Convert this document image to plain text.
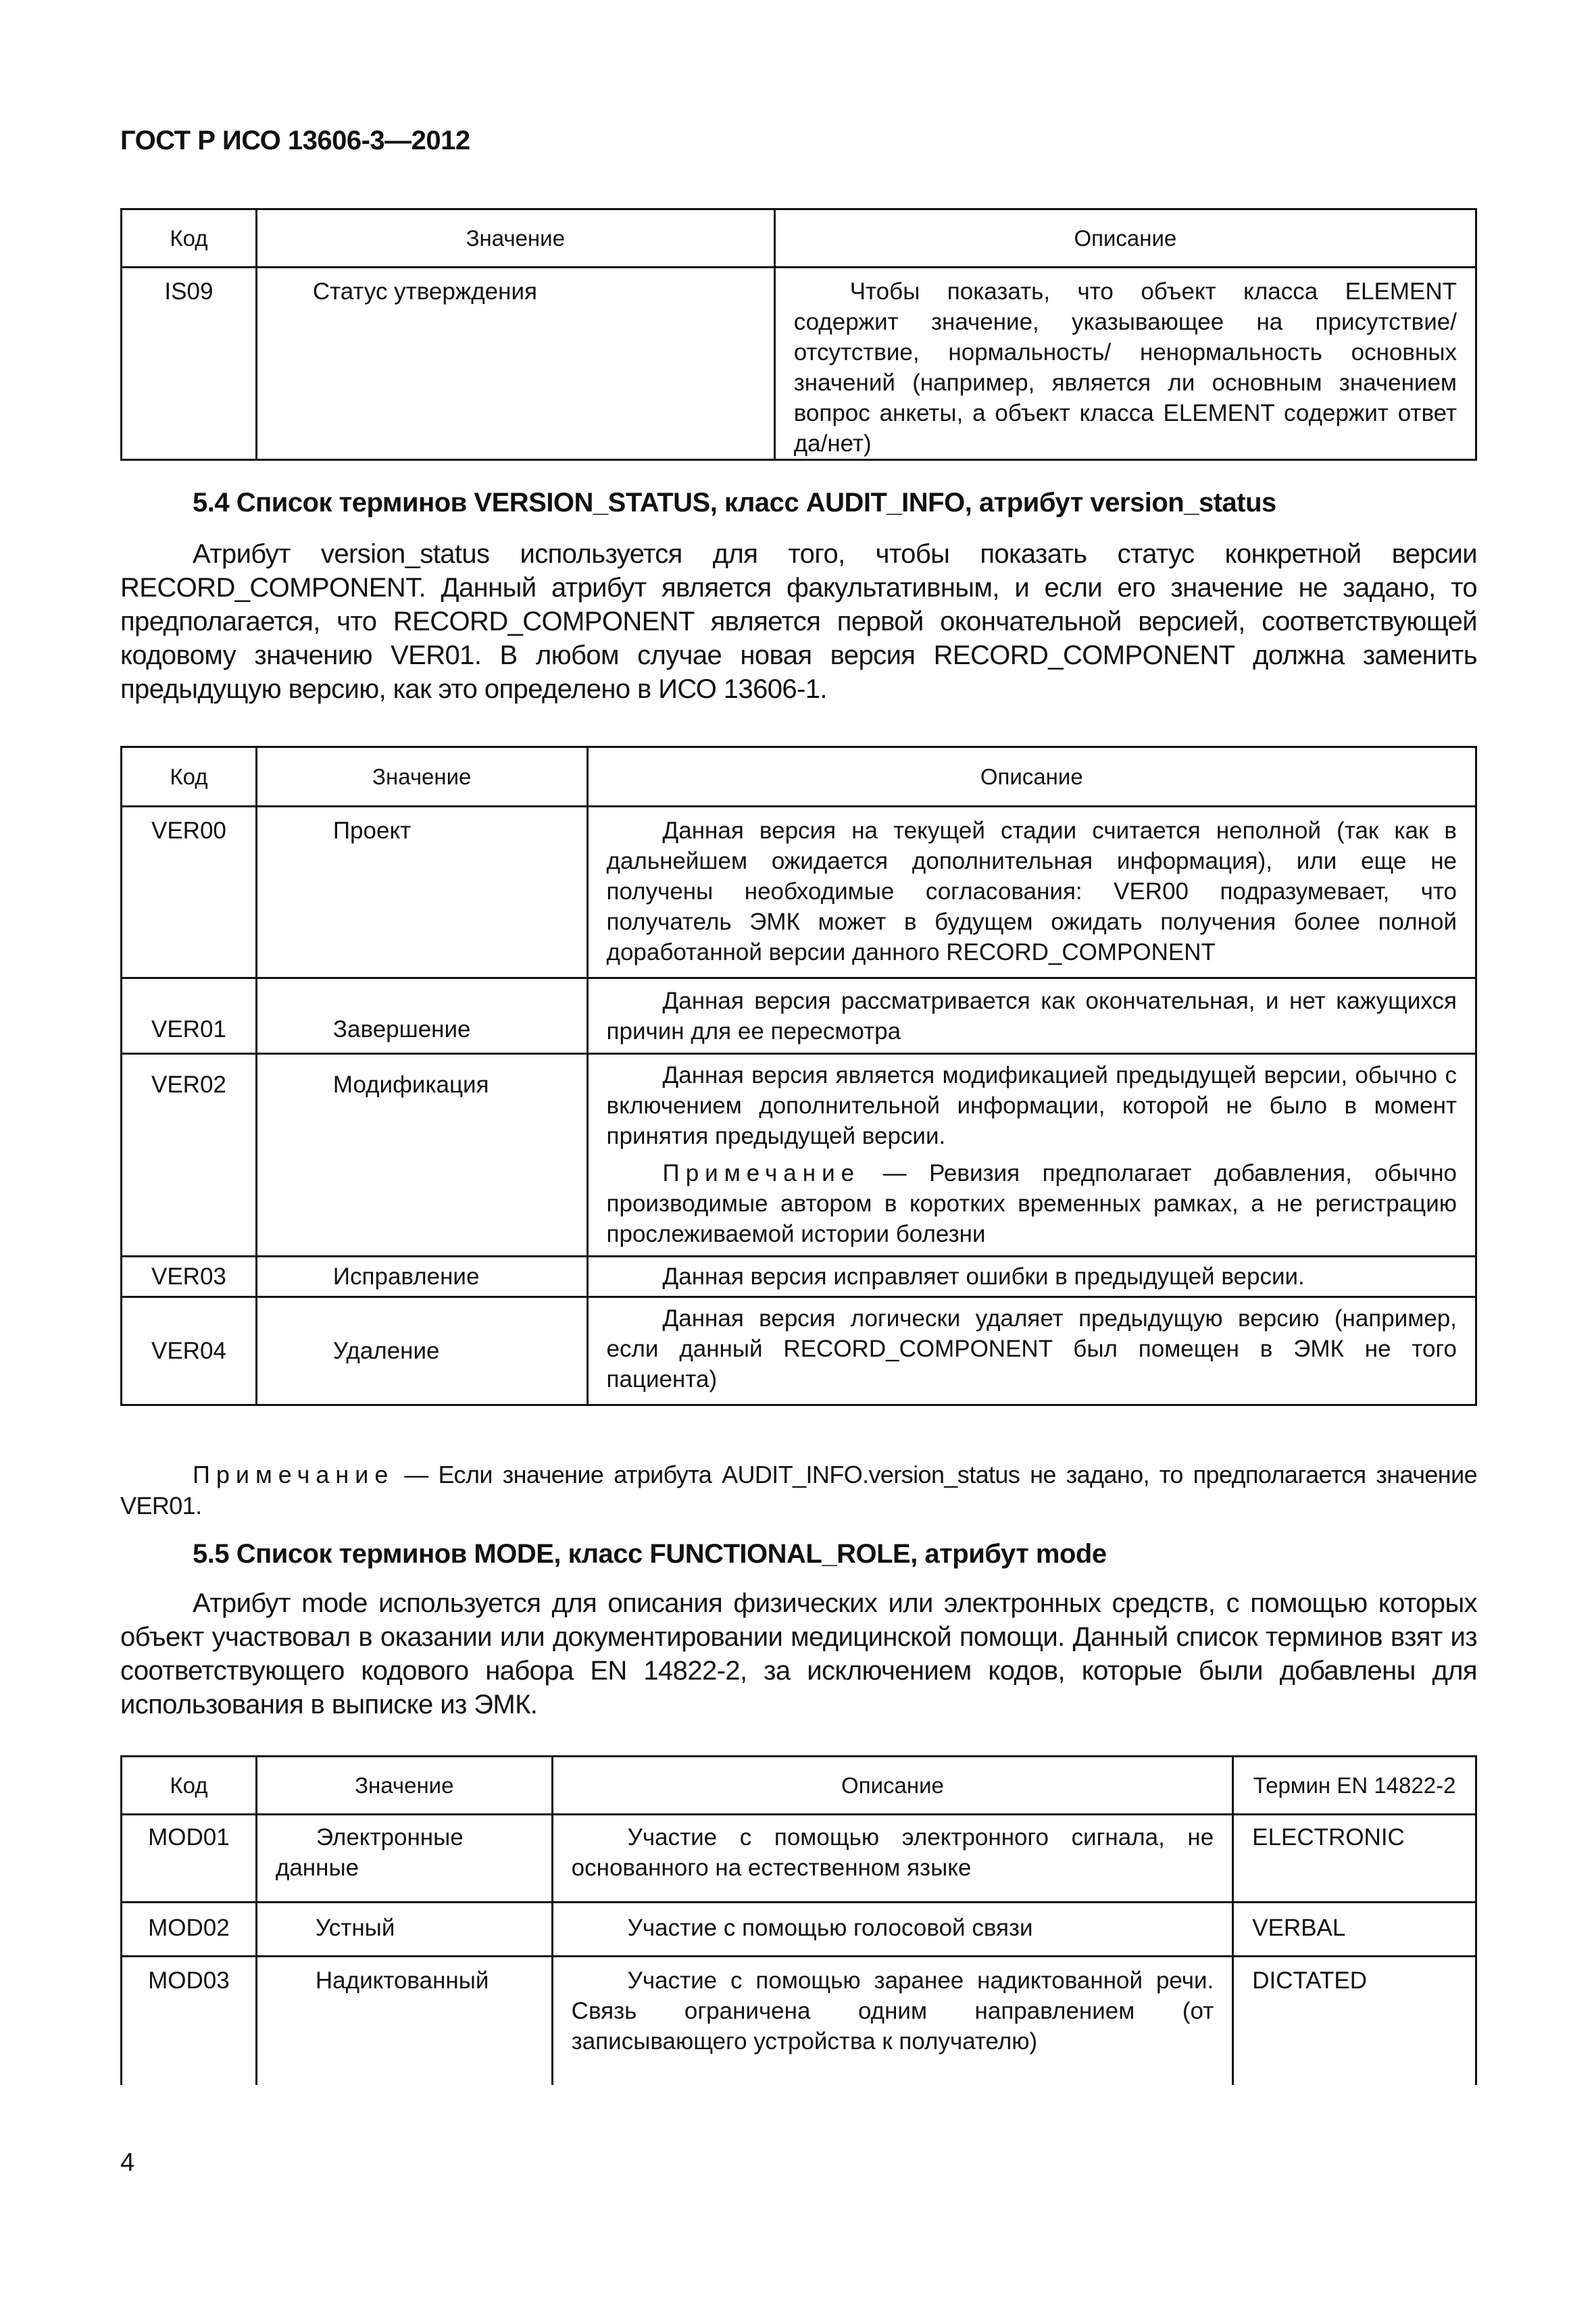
ГОСТ Р ИСО 13606-3—2012
Код	Значение	Описание
IS09	Статус утверждения	Чтобы показать, что объект класса ELEMENT содержит значение, указывающее на присутствие/отсутствие, нормальность/ ненормальность основных значений (например, является ли основным значением вопрос анкеты, а объект класса ELEMENT содержит ответ да/нет)
5.4 Список терминов VERSION_STATUS, класс AUDIT_INFO, атрибут version_status
Атрибут version_status используется для того, чтобы показать статус конкретной версии RECORD_COMPONENT. Данный атрибут является факультативным, и если его значение не задано, то предполагается, что RECORD_COMPONENT является первой окончательной версией, соответствующей кодовому значению VER01. В любом случае новая версия RECORD_COMPONENT должна заменить предыдущую версию, как это определено в ИСО 13606-1.
Код	Значение	Описание
VER00	Проект	Данная версия на текущей стадии считается неполной (так как в дальнейшем ожидается дополнительная информация), или еще не получены необходимые согласования: VER00 подразумевает, что получатель ЭМК может в будущем ожидать получения более полной доработанной версии данного RECORD_COMPONENT
VER01	Завершение	Данная версия рассматривается как окончательная, и нет кажущихся причин для ее пересмотра
VER02	Модификация	Данная версия является модификацией предыдущей версии, обычно с включением дополнительной информации, которой не было в момент принятия предыдущей версии.
Примечание — Ревизия предполагает добавления, обычно производимые автором в коротких временных рамках, а не регистрацию прослеживаемой истории болезни

VER03	Исправление	Данная версия исправляет ошибки в предыдущей версии.
VER04	Удаление	Данная версия логически удаляет предыдущую версию (например, если данный RECORD_COMPONENT был помещен в ЭМК не того пациента)
Примечание — Если значение атрибута AUDIT_INFO.version_status не задано, то предполагается значение VER01.
5.5 Список терминов MODE, класс FUNCTIONAL_ROLE, атрибут mode
Атрибут mode используется для описания физических или электронных средств, с помощью которых объект участвовал в оказании или документировании медицинской помощи. Данный список терминов взят из соответствующего кодового набора EN 14822-2, за исключением кодов, которые были добавлены для использования в выписке из ЭМК.
Код	Значение	Описание	Термин EN 14822-2
MOD01	Электронные данные	Участие с помощью электронного сигнала, не основанного на естественном языке	ELECTRONIC
MOD02	Устный	Участие с помощью голосовой связи	VERBAL
MOD03	Надиктованный	Участие с помощью заранее надиктованной речи. Связь ограничена одним направлением (от записывающего устройства к получателю)	DICTATED
4
